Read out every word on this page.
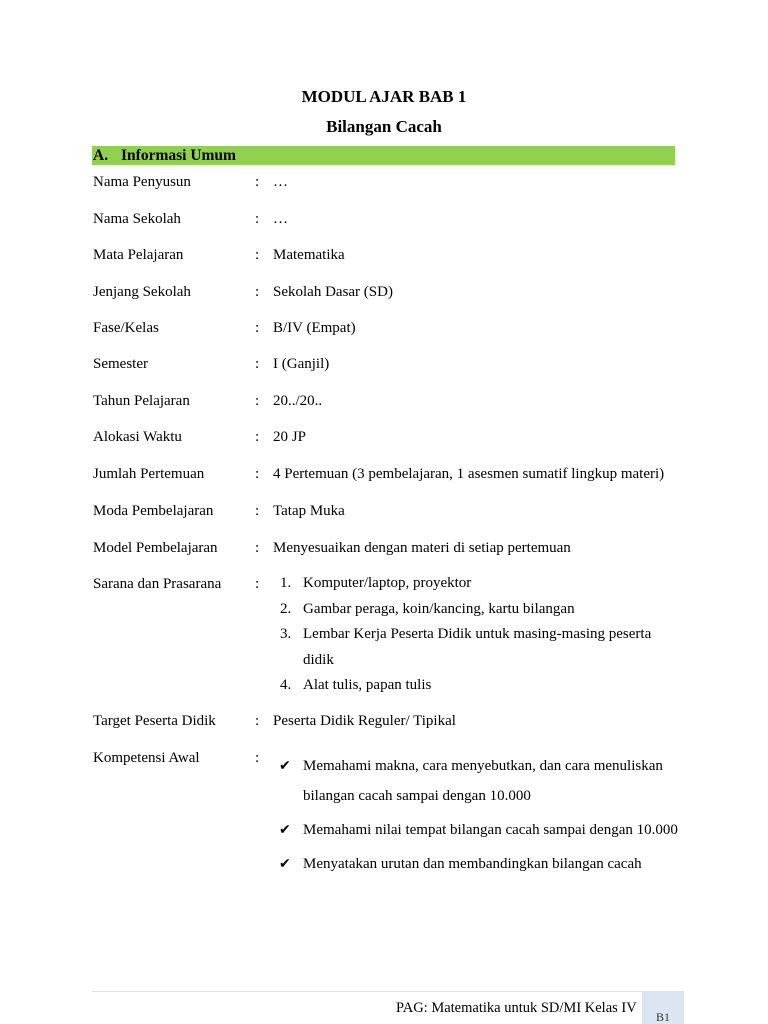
MODUL AJAR BAB 1
Bilangan Cacah
A. Informasi Umum
Nama Penyusun	: …
Nama Sekolah	: …
Mata Pelajaran	: Matematika
Jenjang Sekolah	: Sekolah Dasar (SD)
Fase/Kelas	: B/IV (Empat)
Semester	: I (Ganjil)
Tahun Pelajaran	: 20../20..
Alokasi Waktu	: 20 JP
Jumlah Pertemuan	: 4 Pertemuan (3 pembelajaran, 1 asesmen sumatif lingkup materi)
Moda Pembelajaran	: Tatap Muka
Model Pembelajaran : Menyesuaikan dengan materi di setiap pertemuan
Sarana dan Prasarana : 1. Komputer/laptop, proyektor
2. Gambar peraga, koin/kancing, kartu bilangan
3. Lembar Kerja Peserta Didik untuk masing-masing peserta didik
4. Alat tulis, papan tulis
Target Peserta Didik	: Peserta Didik Reguler/ Tipikal
Kompetensi Awal	: ✔ Memahami makna, cara menyebutkan, dan cara menuliskan bilangan cacah sampai dengan 10.000
✔ Memahami nilai tempat bilangan cacah sampai dengan 10.000
✔ Menyatakan urutan dan membandingkan bilangan cacah
PAG: Matematika untuk SD/MI Kelas IV
B1
